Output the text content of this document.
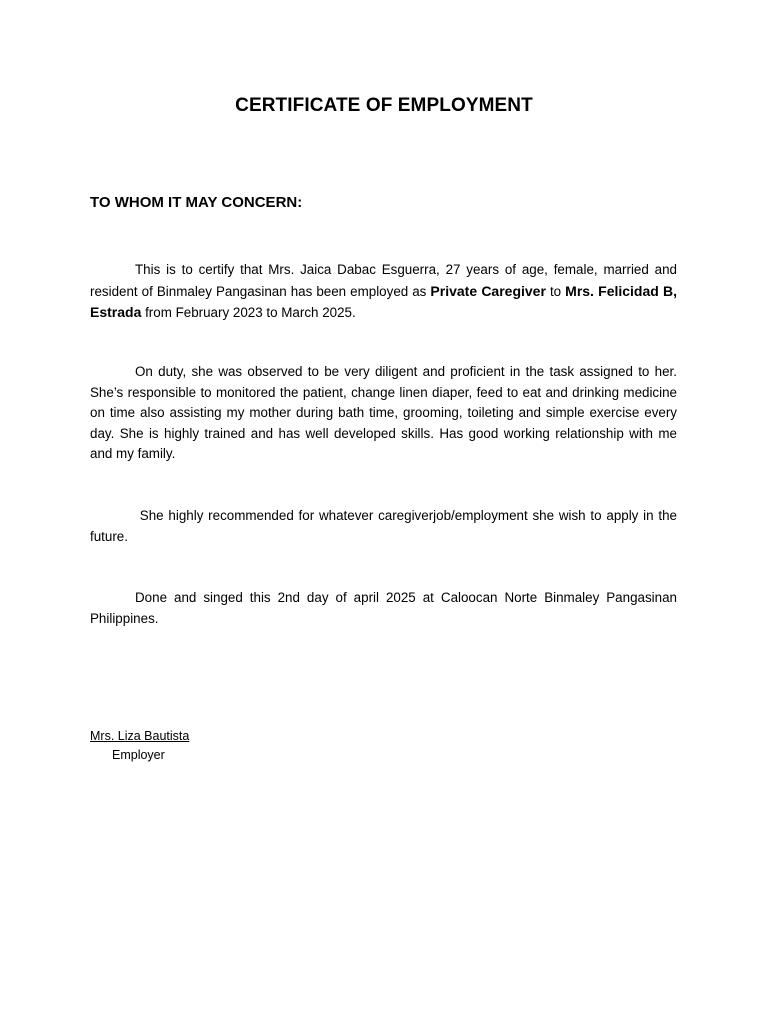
CERTIFICATE OF EMPLOYMENT
TO WHOM IT MAY CONCERN:

This is to certify that Mrs. Jaica Dabac Esguerra, 27 years of age, female, married and resident of Binmaley Pangasinan has been employed as Private Caregiver to Mrs. Felicidad B, Estrada from February 2023 to March 2025.

On duty, she was observed to be very diligent and proficient in the task assigned to her. She’s responsible to monitored the patient, change linen diaper, feed to eat and drinking medicine on time also assisting my mother during bath time, grooming, toileting and simple exercise every day. She is highly trained and has well developed skills. Has good working relationship with me and my family.

She highly recommended for whatever caregiverjob/employment she wish to apply in the future.

Done and singed this 2nd day of april 2025 at Caloocan Norte Binmaley Pangasinan Philippines.

Mrs. Liza Bautista
Employer
